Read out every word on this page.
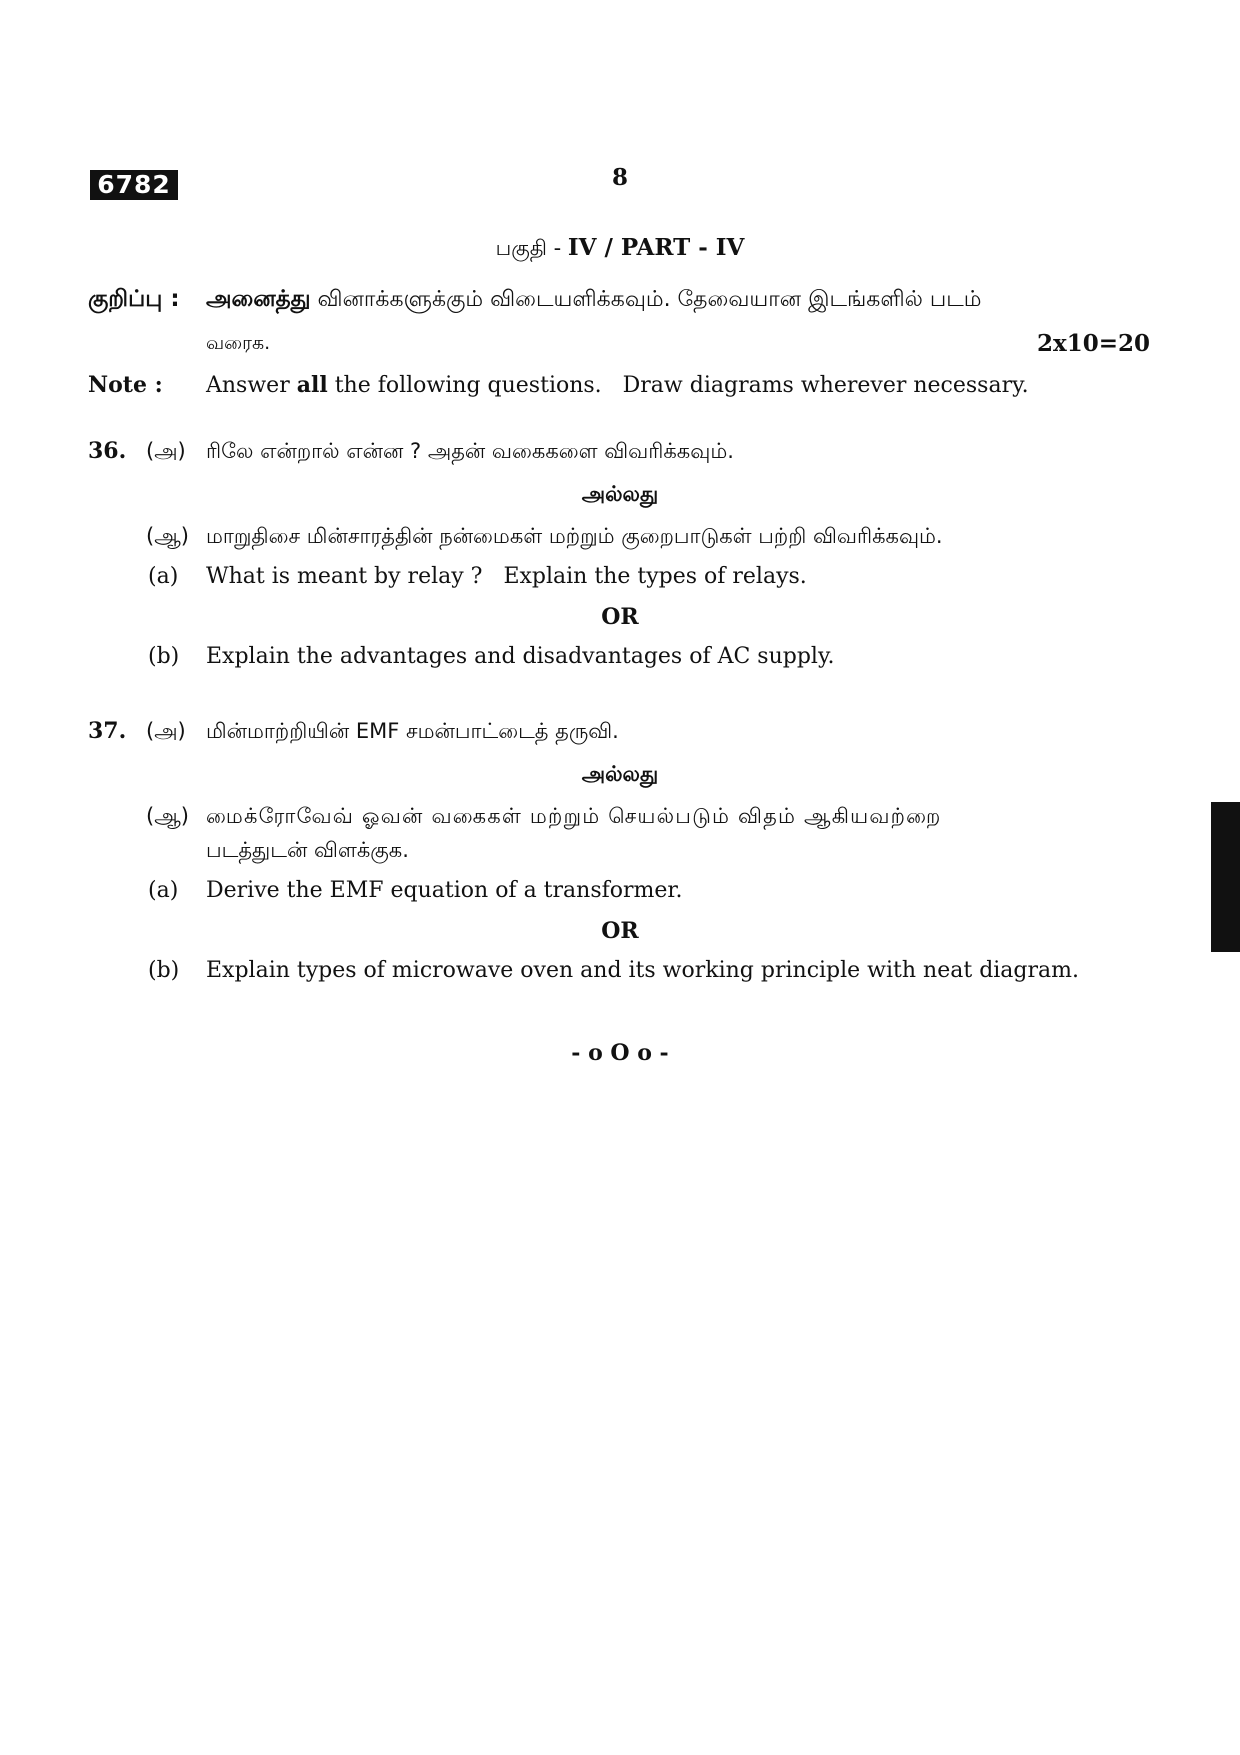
6782	8
பகுதி - IV / PART - IV
குறிப்பு : அனைத்து வினாக்களுக்கும் விடையளிக்கவும். தேவையான இடங்களில் படம்
வரைக.	2x10=20
Note : Answer all the following questions.   Draw diagrams wherever necessary.
36. (அ) ரிலே என்றால் என்ன ? அதன் வகைகளை விவரிக்கவும்.
அல்லது
(ஆ) மாறுதிசை மின்சாரத்தின் நன்மைகள் மற்றும் குறைபாடுகள் பற்றி விவரிக்கவும்.
(a) What is meant by relay ?   Explain the types of relays.
OR
(b) Explain the advantages and disadvantages of AC supply.
37. (அ) மின்மாற்றியின் EMF சமன்பாட்டைத் தருவி.
அல்லது
(ஆ) மைக்ரோவேவ் ஓவன் வகைகள் மற்றும் செயல்படும் விதம் ஆகியவற்றை
படத்துடன் விளக்குக.
(a) Derive the EMF equation of a transformer.
OR
(b) Explain types of microwave oven and its working principle with neat diagram.
- o O o -
